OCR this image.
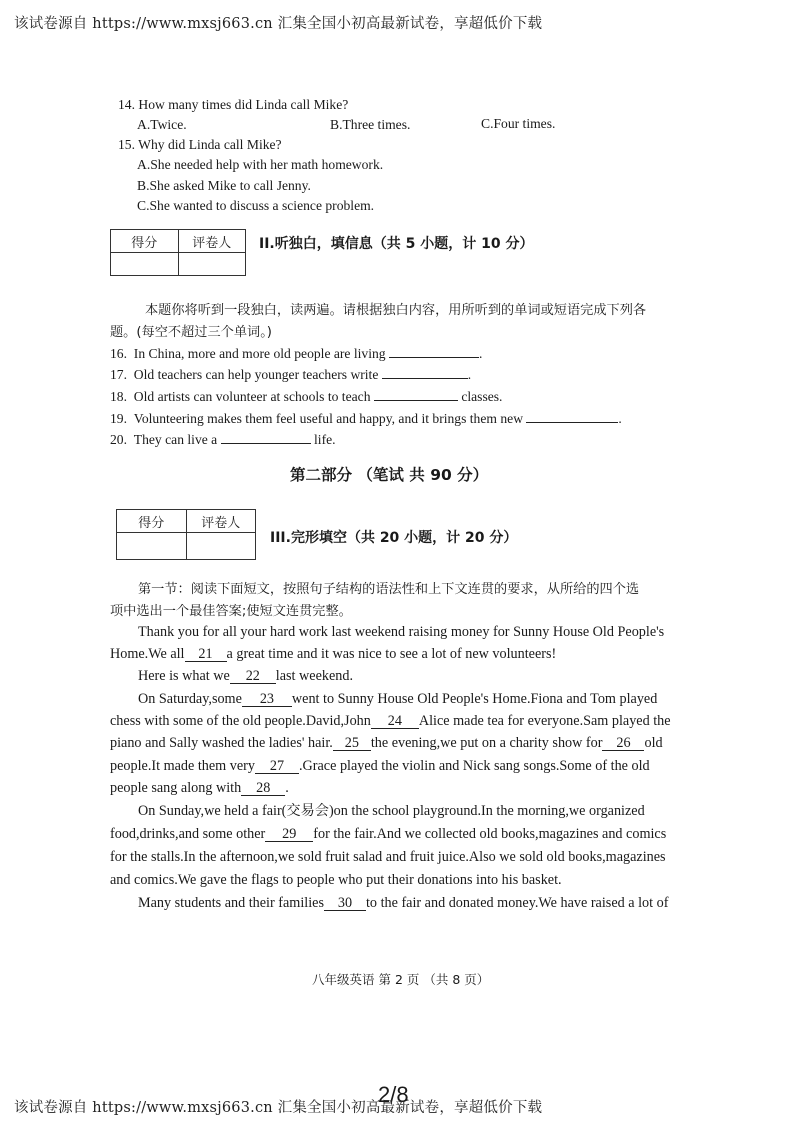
该试卷源自 https://www.mxsj663.cn 汇集全国小初高最新试卷，享超低价下载
14. How many times did Linda call Mike?
A.Twice.	B.Three times.	C.Four times.
15. Why did Linda call Mike?
A.She needed help with her math homework.
B.She asked Mike to call Jenny.
C.She wanted to discuss a science problem.
得分	评卷人
	II.听独白，填信息（共 5 小题，计 10 分）
本题你将听到一段独白，读两遍。请根据独白内容，用所听到的单词或短语完成下列各
题。(每空不超过三个单词。)
16. In China, more and more old people are living	.
17. Old teachers can help younger teachers write	.
18. Old artists can volunteer at schools to teach	classes.
19. Volunteering makes them feel useful and happy, and it brings them new	.
20. They can live a	life.
第二部分 （笔试 共 90 分）
得分	评卷人

III.完形填空（共 20 小题，计 20 分）
第一节：阅读下面短文，按照句子结构的语法性和上下文连贯的要求，从所给的四个选
项中选出一个最佳答案;使短文连贯完整。
Thank you for all your hard work last weekend raising money for Sunny House Old People's
Home.We all 21 a great time and it was nice to see a lot of new volunteers!
Here is what we 22 last weekend.
On Saturday,some 23 went to Sunny House Old People's Home.Fiona and Tom played
chess with some of the old people.David,John 24 Alice made tea for everyone.Sam played the
piano and Sally washed the ladies' hair. 25 the evening,we put on a charity show for 26 old
people.It made them very 27 .Grace played the violin and Nick sang songs.Some of the old
people sang along with 28 .
On Sunday,we held a fair(交易会)on the school playground.In the morning,we organized
food,drinks,and some other 29 for the fair.And we collected old books,magazines and comics
for the stalls.In the afternoon,we sold fruit salad and fruit juice.Also we sold old books,magazines
and comics.We gave the flags to people who put their donations into his basket.
Many students and their families 30 to the fair and donated money.We have raised a lot of
八年级英语 第 2 页 （共 8 页）
2/8
该试卷源自 https://www.mxsj663.cn 汇集全国小初高最新试卷，享超低价下载
